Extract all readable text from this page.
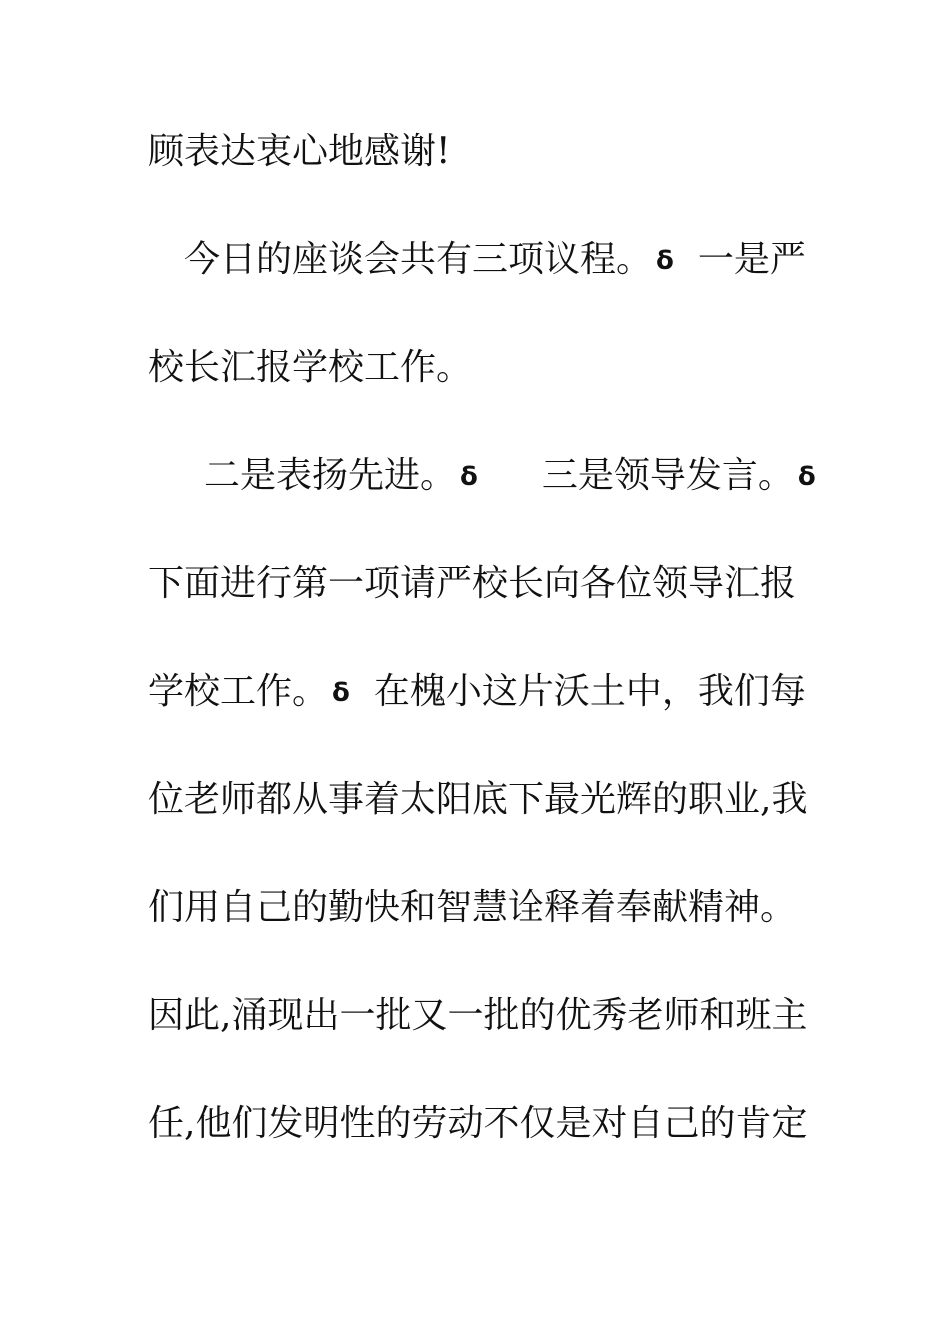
顾表达衷心地感谢!
今日的座谈会共有三项议程。 ẟ 一是严
校长汇报学校工作。
二是表扬先进。 ẟ 三是领导发言。 ẟ
下面进行第一项请严校长向各位领导汇报
学校工作。 ẟ 在槐小这片沃土中，我们每
位老师都从事着太阳底下最光辉的职业,我
们用自己的勤快和智慧诠释着奉献精神。
因此,涌现出一批又一批的优秀老师和班主
任,他们发明性的劳动不仅是对自己的肯定
